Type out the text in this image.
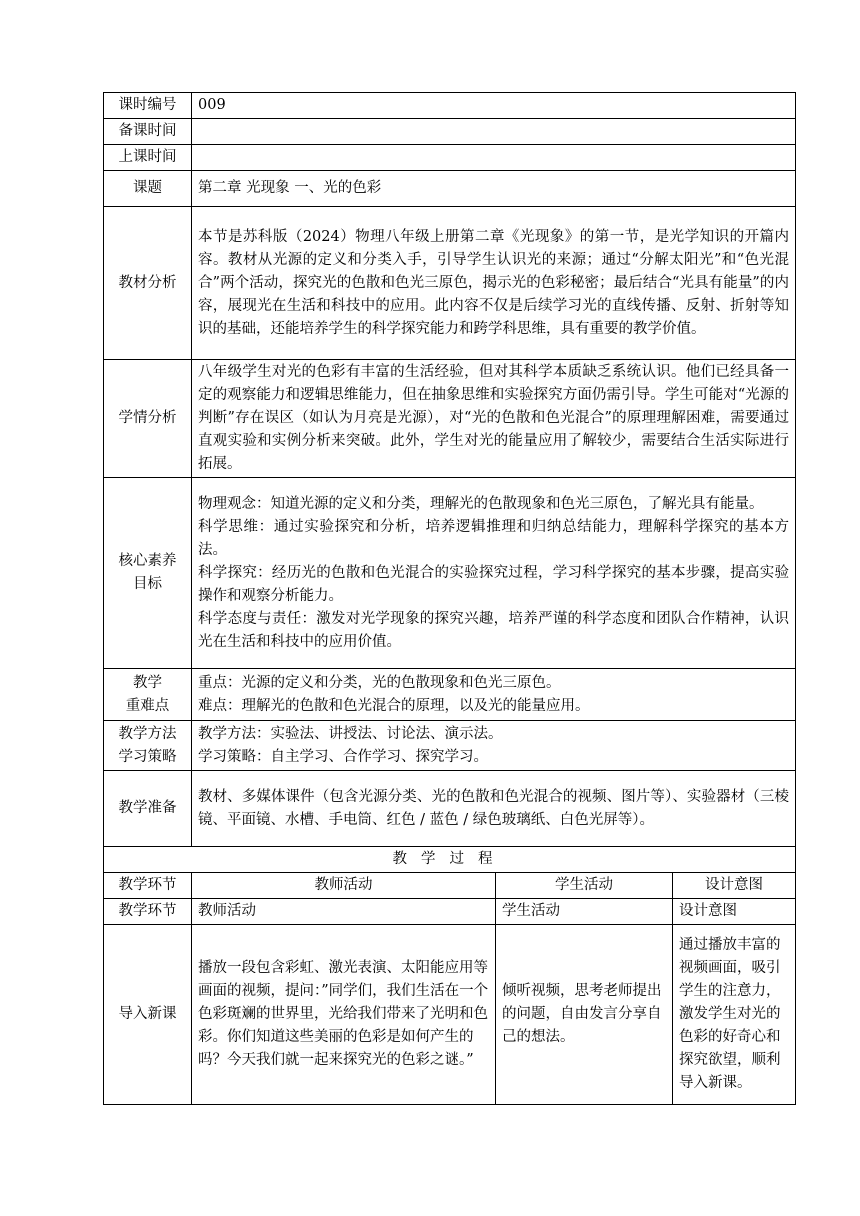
课时编号	009		
备课时间			
上课时间			
课题	第二章 光现象 一、光的色彩		
教材分析	本节是苏科版（2024）物理八年级上册第二章《光现象》的第一节，是光学知识的开篇内容。教材从光源的定义和分类入手，引导学生认识光的来源；通过“分解太阳光”和“色光混合”两个活动，探究光的色散和色光三原色，揭示光的色彩秘密；最后结合“光具有能量”的内容，展现光在生活和科技中的应用。此内容不仅是后续学习光的直线传播、反射、折射等知识的基础，还能培养学生的科学探究能力和跨学科思维，具有重要的教学价值。		
学情分析	八年级学生对光的色彩有丰富的生活经验，但对其科学本质缺乏系统认识。他们已经具备一定的观察能力和逻辑思维能力，但在抽象思维和实验探究方面仍需引导。学生可能对“光源的判断”存在误区（如认为月亮是光源），对“光的色散和色光混合”的原理理解困难，需要通过直观实验和实例分析来突破。此外，学生对光的能量应用了解较少，需要结合生活实际进行拓展。		

核心素养
目标	物理观念：知道光源的定义和分类，理解光的色散现象和色光三原色，了解光具有能量。
科学思维：通过实验探究和分析，培养逻辑推理和归纳总结能力，理解科学探究的基本方法。
科学探究：经历光的色散和色光混合的实验探究过程，学习科学探究的基本步骤，提高实验操作和观察分析能力。
科学态度与责任：激发对光学现象的探究兴趣，培养严谨的科学态度和团队合作精神，认识光在生活和科技中的应用价值。		

教学
重难点	重点：光源的定义和分类，光的色散现象和色光三原色。
难点：理解光的色散和色光混合的原理，以及光的能量应用。		

教学方法
学习策略	教学方法：实验法、讲授法、讨论法、演示法。
学习策略：自主学习、合作学习、探究学习。		

教学准备	教材、多媒体课件（包含光源分类、光的色散和色光混合的视频、图片等）、实验器材（三棱镜、平面镜、水槽、手电筒、红色 / 蓝色 / 绿色玻璃纸、白色光屏等）。		
教学过程			
教学环节	教师活动	学生活动	设计意图
教学环节	教师活动	学生活动	设计意图
导入新课	播放一段包含彩虹、激光表演、太阳能应用等画面的视频，提问：”同学们，我们生活在一个色彩斑斓的世界里，光给我们带来了光明和色彩。你们知道这些美丽的色彩是如何产生的吗？今天我们就一起来探究光的色彩之谜。”	倾听视频，思考老师提出的问题，自由发言分享自己的想法。	通过播放丰富的视频画面，吸引学生的注意力，激发学生对光的色彩的好奇心和探究欲望，顺利导入新课。
